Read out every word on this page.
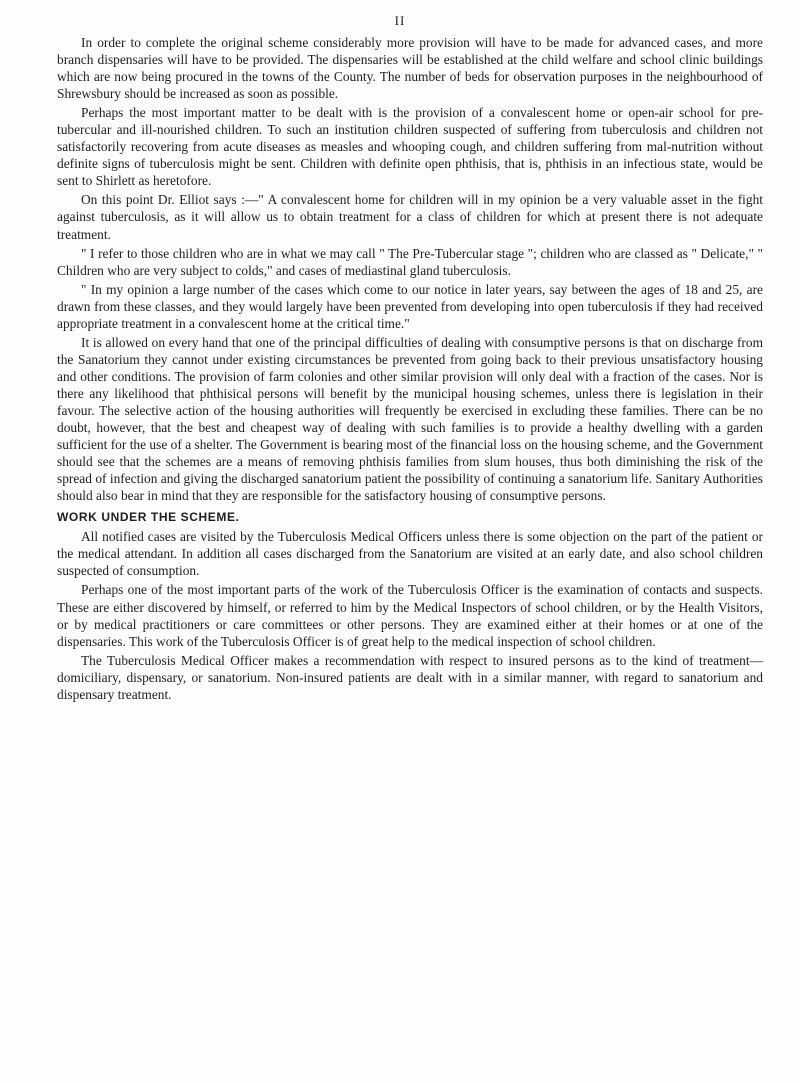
II

In order to complete the original scheme considerably more provision will have to be made for advanced cases, and more branch dispensaries will have to be provided. The dispensaries will be established at the child welfare and school clinic buildings which are now being procured in the towns of the County. The number of beds for observation purposes in the neighbourhood of Shrewsbury should be increased as soon as possible.

Perhaps the most important matter to be dealt with is the provision of a convalescent home or open-air school for pre-tubercular and ill-nourished children. To such an institution children suspected of suffering from tuberculosis and children not satisfactorily recovering from acute diseases as measles and whooping cough, and children suffering from mal-nutrition without definite signs of tuberculosis might be sent. Children with definite open phthisis, that is, phthisis in an infectious state, would be sent to Shirlett as heretofore.

On this point Dr. Elliot says :—" A convalescent home for children will in my opinion be a very valuable asset in the fight against tuberculosis, as it will allow us to obtain treatment for a class of children for which at present there is not adequate treatment.

" I refer to those children who are in what we may call " The Pre-Tubercular stage "; children who are classed as " Delicate," " Children who are very subject to colds," and cases of mediastinal gland tuberculosis.

" In my opinion a large number of the cases which come to our notice in later years, say between the ages of 18 and 25, are drawn from these classes, and they would largely have been prevented from developing into open tuberculosis if they had received appropriate treatment in a convalescent home at the critical time."

It is allowed on every hand that one of the principal difficulties of dealing with consumptive persons is that on discharge from the Sanatorium they cannot under existing circumstances be prevented from going back to their previous unsatisfactory housing and other conditions. The provision of farm colonies and other similar provision will only deal with a fraction of the cases. Nor is there any likelihood that phthisical persons will benefit by the municipal housing schemes, unless there is legislation in their favour. The selective action of the housing authorities will frequently be exercised in excluding these families. There can be no doubt, however, that the best and cheapest way of dealing with such families is to provide a healthy dwelling with a garden sufficient for the use of a shelter. The Government is bearing most of the financial loss on the housing scheme, and the Government should see that the schemes are a means of removing phthisis families from slum houses, thus both diminishing the risk of the spread of infection and giving the discharged sanatorium patient the possibility of continuing a sanatorium life. Sanitary Authorities should also bear in mind that they are responsible for the satisfactory housing of consumptive persons.

WORK UNDER THE SCHEME.

All notified cases are visited by the Tuberculosis Medical Officers unless there is some objection on the part of the patient or the medical attendant. In addition all cases discharged from the Sanatorium are visited at an early date, and also school children suspected of consumption.

Perhaps one of the most important parts of the work of the Tuberculosis Officer is the examination of contacts and suspects. These are either discovered by himself, or referred to him by the Medical Inspectors of school children, or by the Health Visitors, or by medical practitioners or care committees or other persons. They are examined either at their homes or at one of the dispensaries. This work of the Tuberculosis Officer is of great help to the medical inspection of school children.

The Tuberculosis Medical Officer makes a recommendation with respect to insured persons as to the kind of treatment—domiciliary, dispensary, or sanatorium. Non-insured patients are dealt with in a similar manner, with regard to sanatorium and dispensary treatment.
